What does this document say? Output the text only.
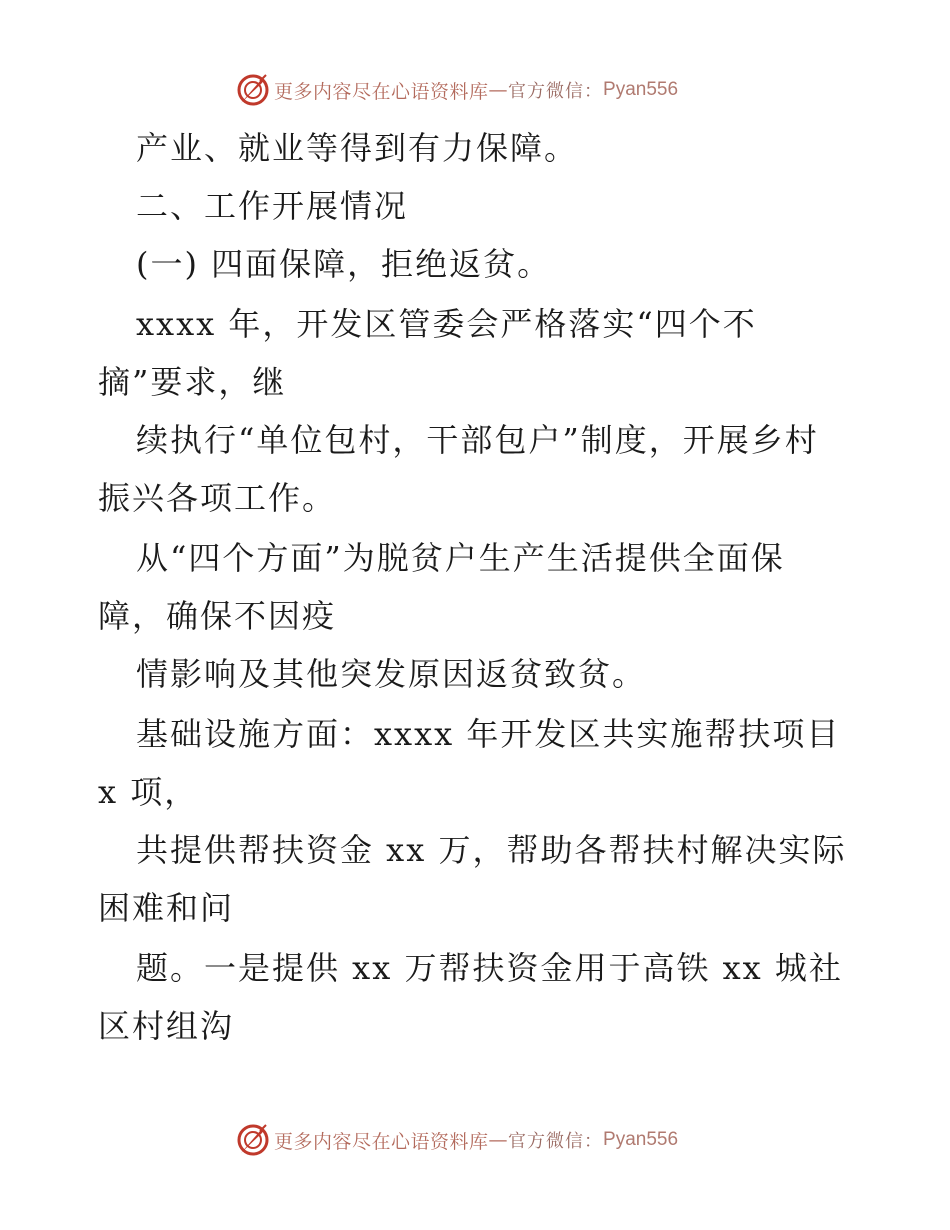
更多内容尽在心语资料库 — 官方微信： Pyan556
产业、就业等得到有力保障。
二、工作开展情况
(一) 四面保障，拒绝返贫。
xxxx 年，开发区管委会严格落实“四个不
摘”要求，继
续执行“单位包村，干部包户”制度，开展乡村
振兴各项工作。
从“四个方面”为脱贫户生产生活提供全面保
障，确保不因疫
情影响及其他突发原因返贫致贫。
基础设施方面：xxxx 年开发区共实施帮扶项目
x 项，
共提供帮扶资金 xx 万，帮助各帮扶村解决实际
困难和问
题。一是提供 xx 万帮扶资金用于高铁 xx 城社
区村组沟
更多内容尽在心语资料库 — 官方微信： Pyan556
